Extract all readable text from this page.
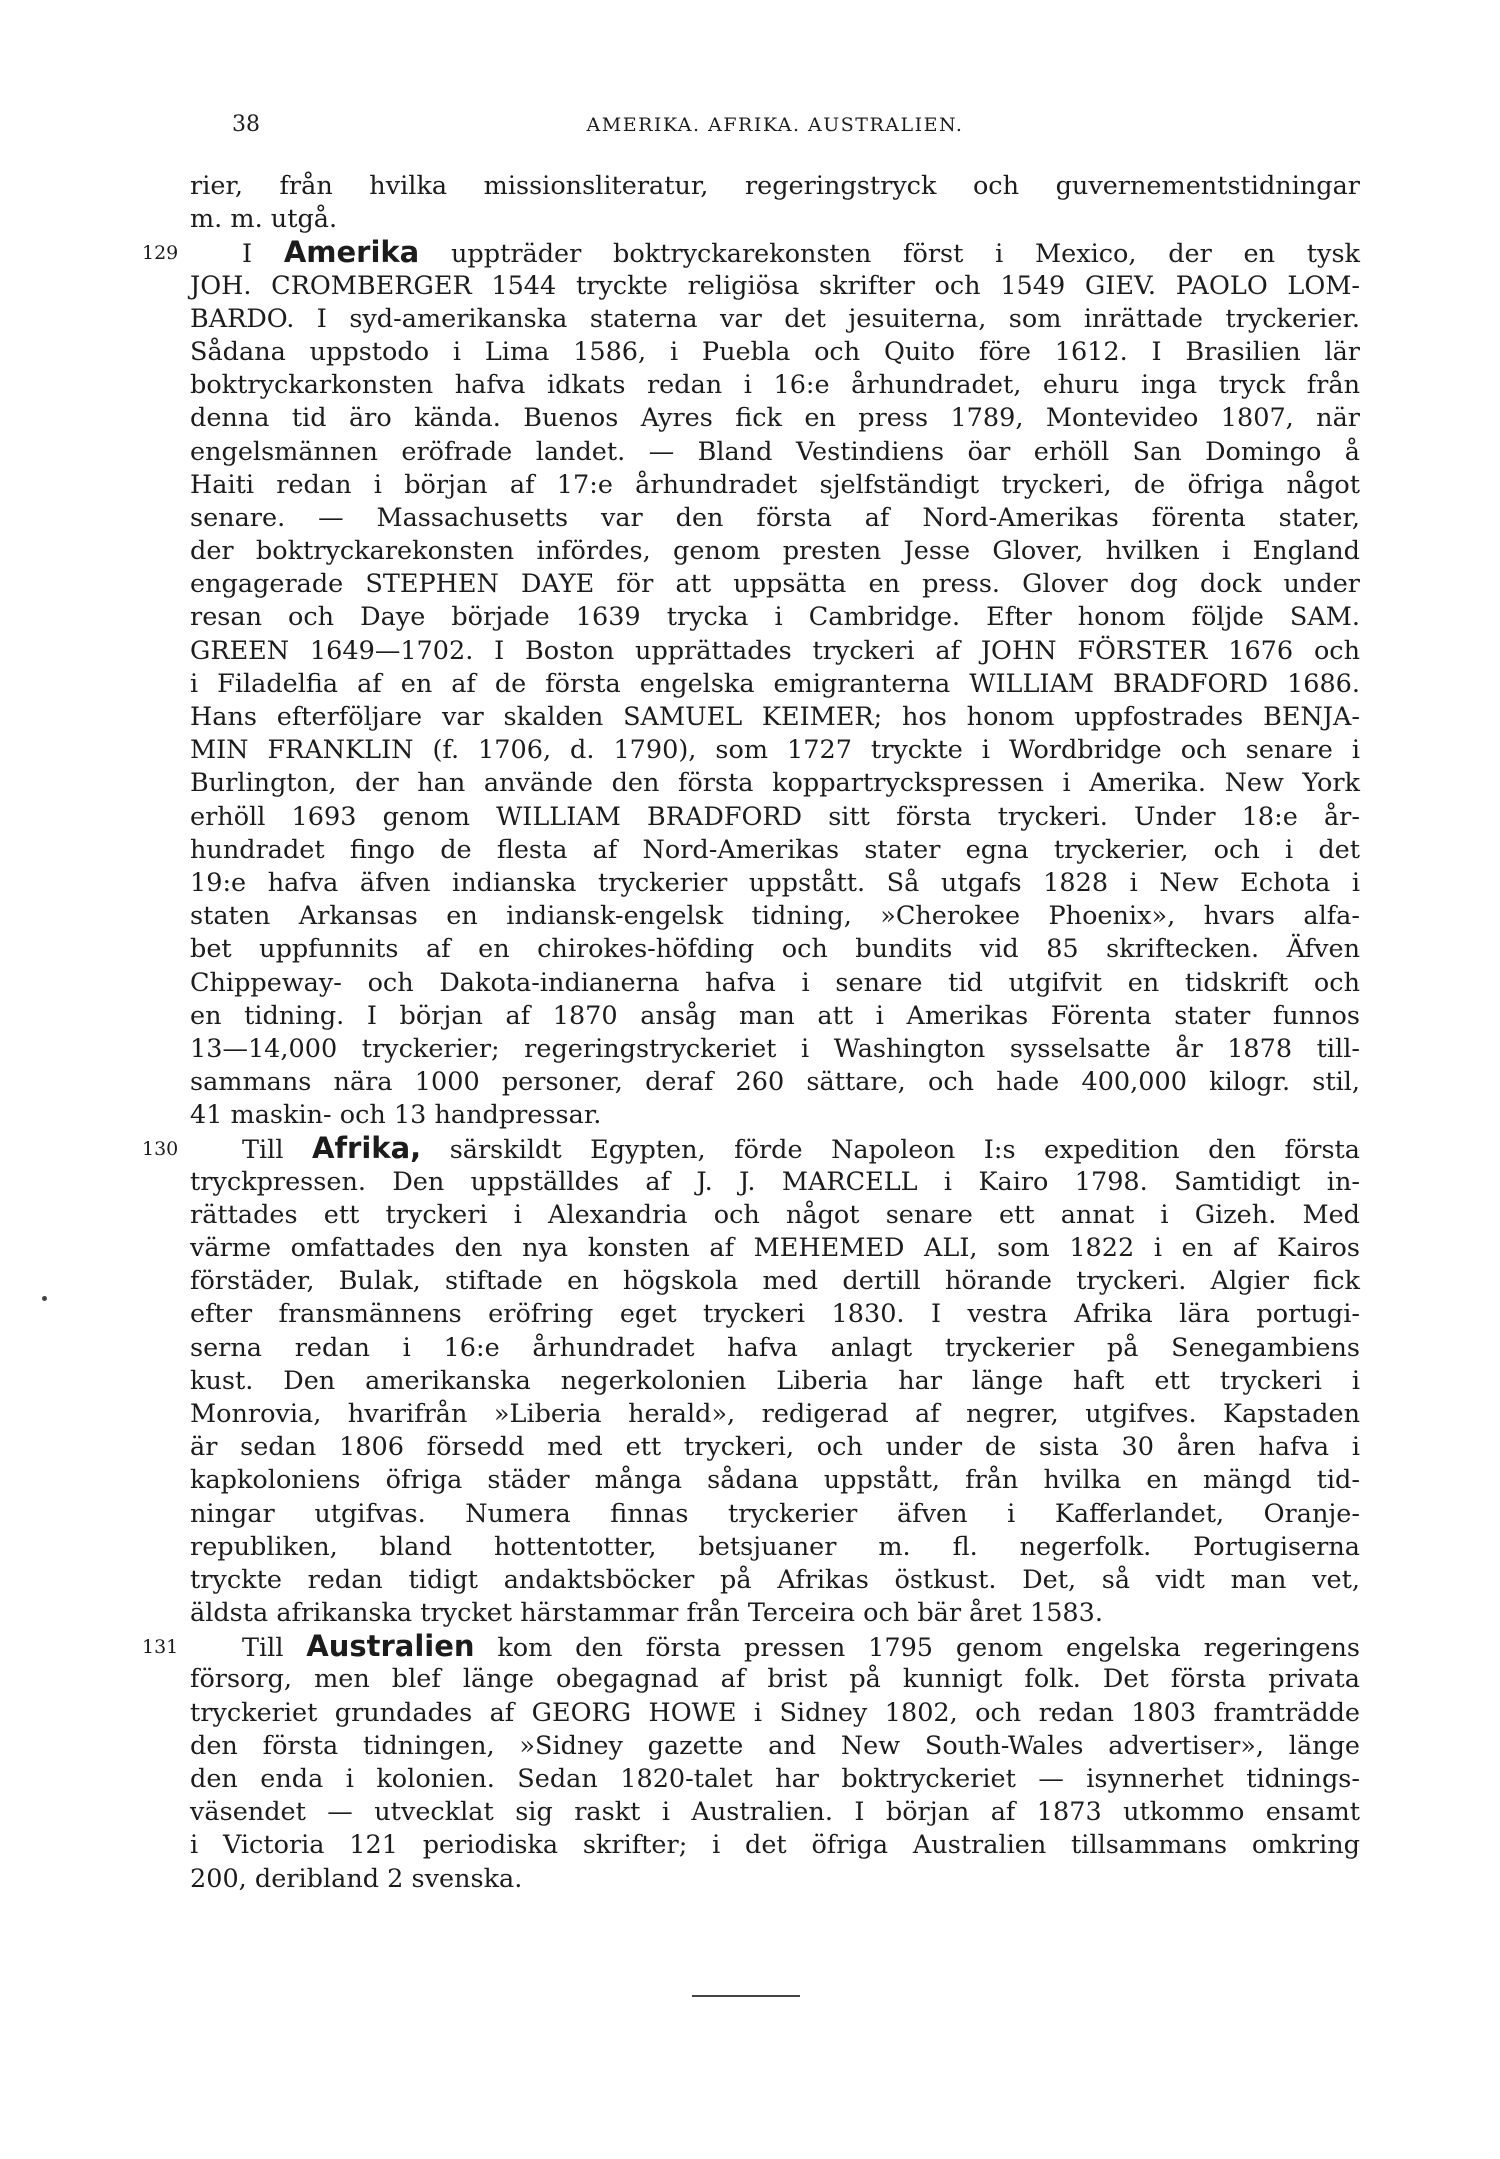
38	AMERIKA. AFRIKA. AUSTRALIEN.
rier, från hvilka missionsliteratur, regeringstryck och guvernementstidningar
m. m. utgå.
129 I Amerika uppträder boktryckarekonsten först i Mexico, der en tysk
JOH. CROMBERGER 1544 tryckte religiösa skrifter och 1549 GIEV. PAOLO LOM-
BARDO. I syd-amerikanska staterna var det jesuiterna, som inrättade tryckerier.
Sådana uppstodo i Lima 1586, i Puebla och Quito före 1612. I Brasilien lär
boktryckarkonsten hafva idkats redan i 16:e århundradet, ehuru inga tryck från
denna tid äro kända. Buenos Ayres fick en press 1789, Montevideo 1807, när
engelsmännen eröfrade landet. — Bland Vestindiens öar erhöll San Domingo å
Haiti redan i början af 17:e århundradet sjelfständigt tryckeri, de öfriga något
senare. — Massachusetts var den första af Nord-Amerikas förenta stater,
der boktryckarekonsten infördes, genom presten Jesse Glover, hvilken i England
engagerade STEPHEN DAYE för att uppsätta en press. Glover dog dock under
resan och Daye började 1639 trycka i Cambridge. Efter honom följde SAM.
GREEN 1649—1702. I Boston upprättades tryckeri af JOHN FÖRSTER 1676 och
i Filadelfia af en af de första engelska emigranterna WILLIAM BRADFORD 1686.
Hans efterföljare var skalden SAMUEL KEIMER; hos honom uppfostrades BENJA-
MIN FRANKLIN (f. 1706, d. 1790), som 1727 tryckte i Wordbridge och senare i
Burlington, der han använde den första koppartryckspressen i Amerika. New York
erhöll 1693 genom WILLIAM BRADFORD sitt första tryckeri. Under 18:e år-
hundradet fingo de flesta af Nord-Amerikas stater egna tryckerier, och i det
19:e hafva äfven indianska tryckerier uppstått. Så utgafs 1828 i New Echota i
staten Arkansas en indiansk-engelsk tidning, »Cherokee Phoenix», hvars alfa-
bet uppfunnits af en chirokes-höfding och bundits vid 85 skriftecken. Äfven
Chippeway- och Dakota-indianerna hafva i senare tid utgifvit en tidskrift och
en tidning. I början af 1870 ansåg man att i Amerikas Förenta stater funnos
13—14,000 tryckerier; regeringstryckeriet i Washington sysselsatte år 1878 till-
sammans nära 1000 personer, deraf 260 sättare, och hade 400,000 kilogr. stil,
41 maskin- och 13 handpressar.
130 Till Afrika, särskildt Egypten, förde Napoleon I:s expedition den första
tryckpressen. Den uppställdes af J. J. MARCELL i Kairo 1798. Samtidigt in-
rättades ett tryckeri i Alexandria och något senare ett annat i Gizeh. Med
värme omfattades den nya konsten af MEHEMED ALI, som 1822 i en af Kairos
förstäder, Bulak, stiftade en högskola med dertill hörande tryckeri. Algier fick
efter fransmännens eröfring eget tryckeri 1830. I vestra Afrika lära portugi-
serna redan i 16:e århundradet hafva anlagt tryckerier på Senegambiens
kust. Den amerikanska negerkolonien Liberia har länge haft ett tryckeri i
Monrovia, hvarifrån »Liberia herald», redigerad af negrer, utgifves. Kapstaden
är sedan 1806 försedd med ett tryckeri, och under de sista 30 åren hafva i
kapkoloniens öfriga städer många sådana uppstått, från hvilka en mängd tid-
ningar utgifvas. Numera finnas tryckerier äfven i Kafferlandet, Oranje-
republiken, bland hottentotter, betsjuaner m. fl. negerfolk. Portugiserna
tryckte redan tidigt andaktsböcker på Afrikas östkust. Det, så vidt man vet,
äldsta afrikanska trycket härstammar från Terceira och bär året 1583.
131 Till Australien kom den första pressen 1795 genom engelska regeringens
försorg, men blef länge obegagnad af brist på kunnigt folk. Det första privata
tryckeriet grundades af GEORG HOWE i Sidney 1802, och redan 1803 framträdde
den första tidningen, »Sidney gazette and New South-Wales advertiser», länge
den enda i kolonien. Sedan 1820-talet har boktryckeriet — isynnerhet tidnings-
väsendet — utvecklat sig raskt i Australien. I början af 1873 utkommo ensamt
i Victoria 121 periodiska skrifter; i det öfriga Australien tillsammans omkring
200, deribland 2 svenska.
